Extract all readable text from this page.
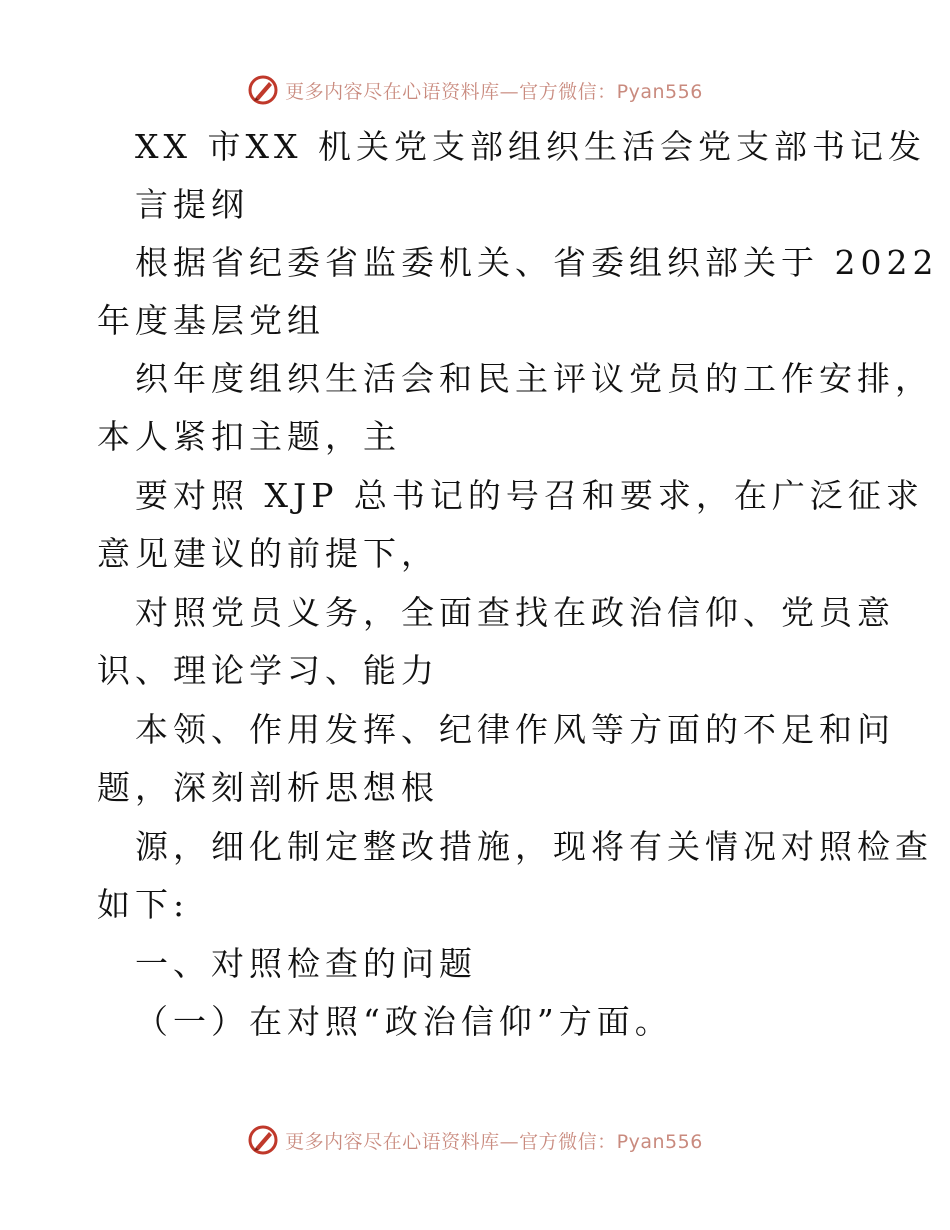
更多内容尽在心语资料库—官方微信：Pyan556
XX 市XX 机关党支部组织生活会党支部书记发
言提纲
根据省纪委省监委机关、省委组织部关于 2022
年度基层党组
织年度组织生活会和民主评议党员的工作安排，
本人紧扣主题，主
要对照 XJP 总书记的号召和要求，在广泛征求
意见建议的前提下，
对照党员义务，全面查找在政治信仰、党员意
识、理论学习、能力
本领、作用发挥、纪律作风等方面的不足和问
题，深刻剖析思想根
源，细化制定整改措施，现将有关情况对照检查
如下:
一、对照检查的问题
（一）在对照“政治信仰”方面。
更多内容尽在心语资料库—官方微信：Pyan556
